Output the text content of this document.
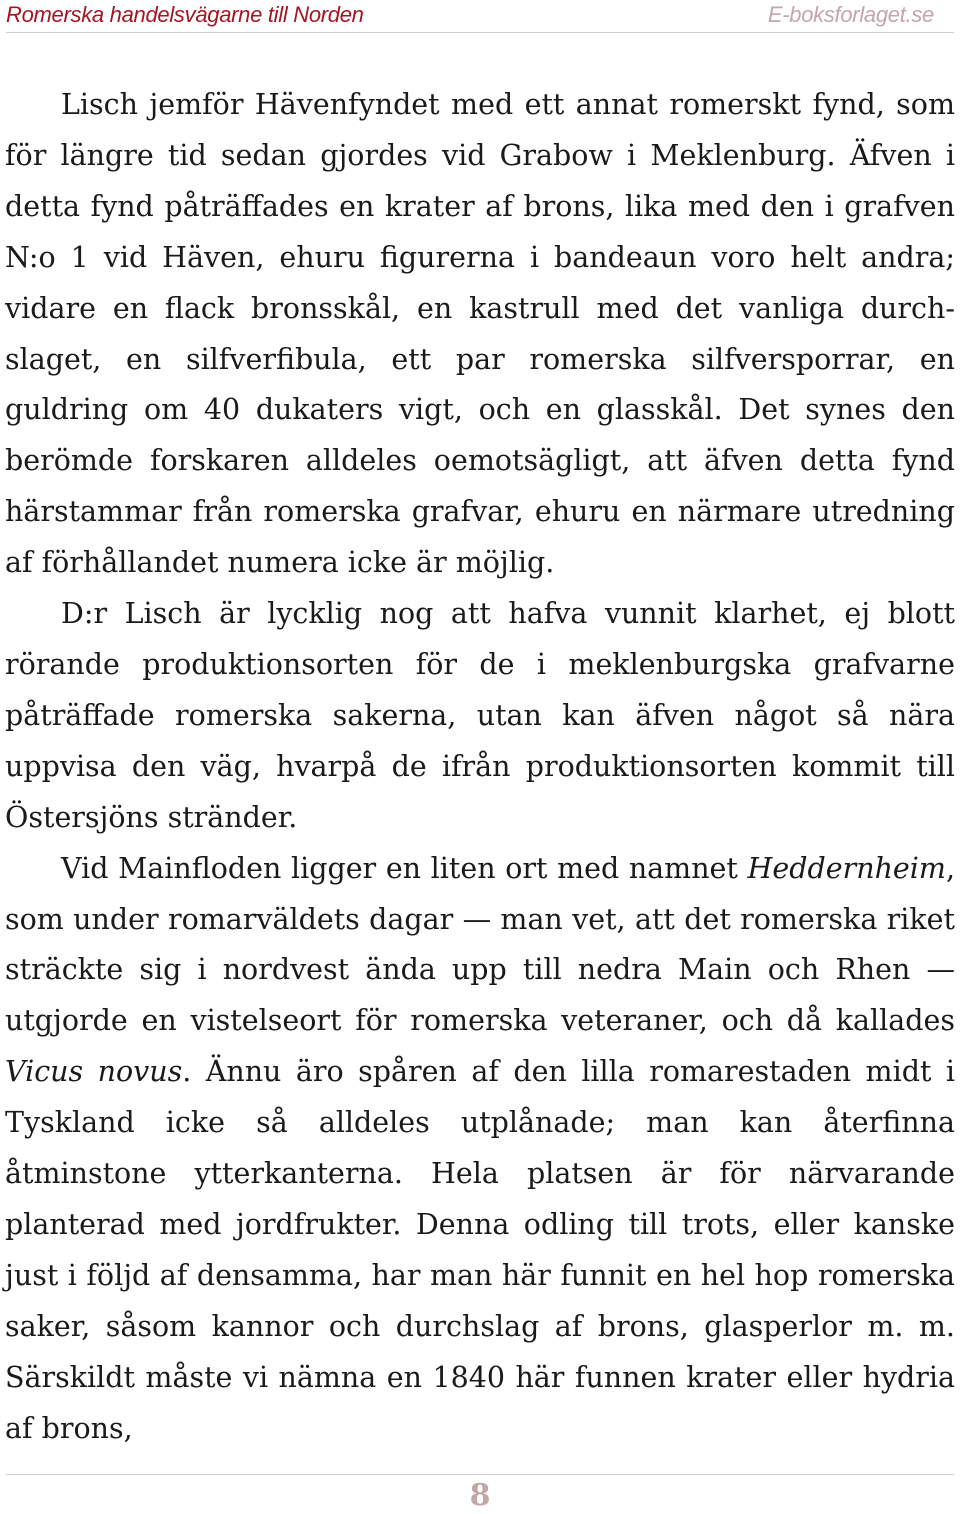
Romerska handelsvägarne till Norden	E-boksforlaget.se

Lisch jemför Hävenfyndet med ett annat romerskt fynd, som för längre tid sedan gjordes vid Grabow i Meklenburg. Äfven i detta fynd påträffades en krater af brons, lika med den i grafven N:o 1 vid Häven, ehuru figurerna i bandeaun voro helt andra; vidare en flack bronsskål, en kastrull med det vanliga durch-slaget, en silfverfibula, ett par romerska silfversporrar, en guldring om 40 dukaters vigt, och en glasskål. Det synes den berömde forskaren alldeles oemotsägligt, att äfven detta fynd härstammar från romerska grafvar, ehuru en närmare utredning af förhållandet numera icke är möjlig.

D:r Lisch är lycklig nog att hafva vunnit klarhet, ej blott rörande produktionsorten för de i meklenburgska grafvarne påträffade romerska sakerna, utan kan äfven något så nära uppvisa den väg, hvarpå de ifrån produktionsorten kommit till Östersjöns stränder.

Vid Mainfloden ligger en liten ort med namnet Heddernheim, som under romarväldets dagar — man vet, att det romerska riket sträckte sig i nordvest ända upp till nedra Main och Rhen — utgjorde en vistelseort för romerska veteraner, och då kallades Vicus novus. Ännu äro spåren af den lilla romarestaden midt i Tyskland icke så alldeles utplånade; man kan återfinna åtminstone ytterkanterna. Hela platsen är för närvarande planterad med jordfrukter. Denna odling till trots, eller kanske just i följd af densamma, har man här funnit en hel hop romerska saker, såsom kannor och durchslag af brons, glasperlor m. m. Särskildt måste vi nämna en 1840 här funnen krater eller hydria af brons,

8
